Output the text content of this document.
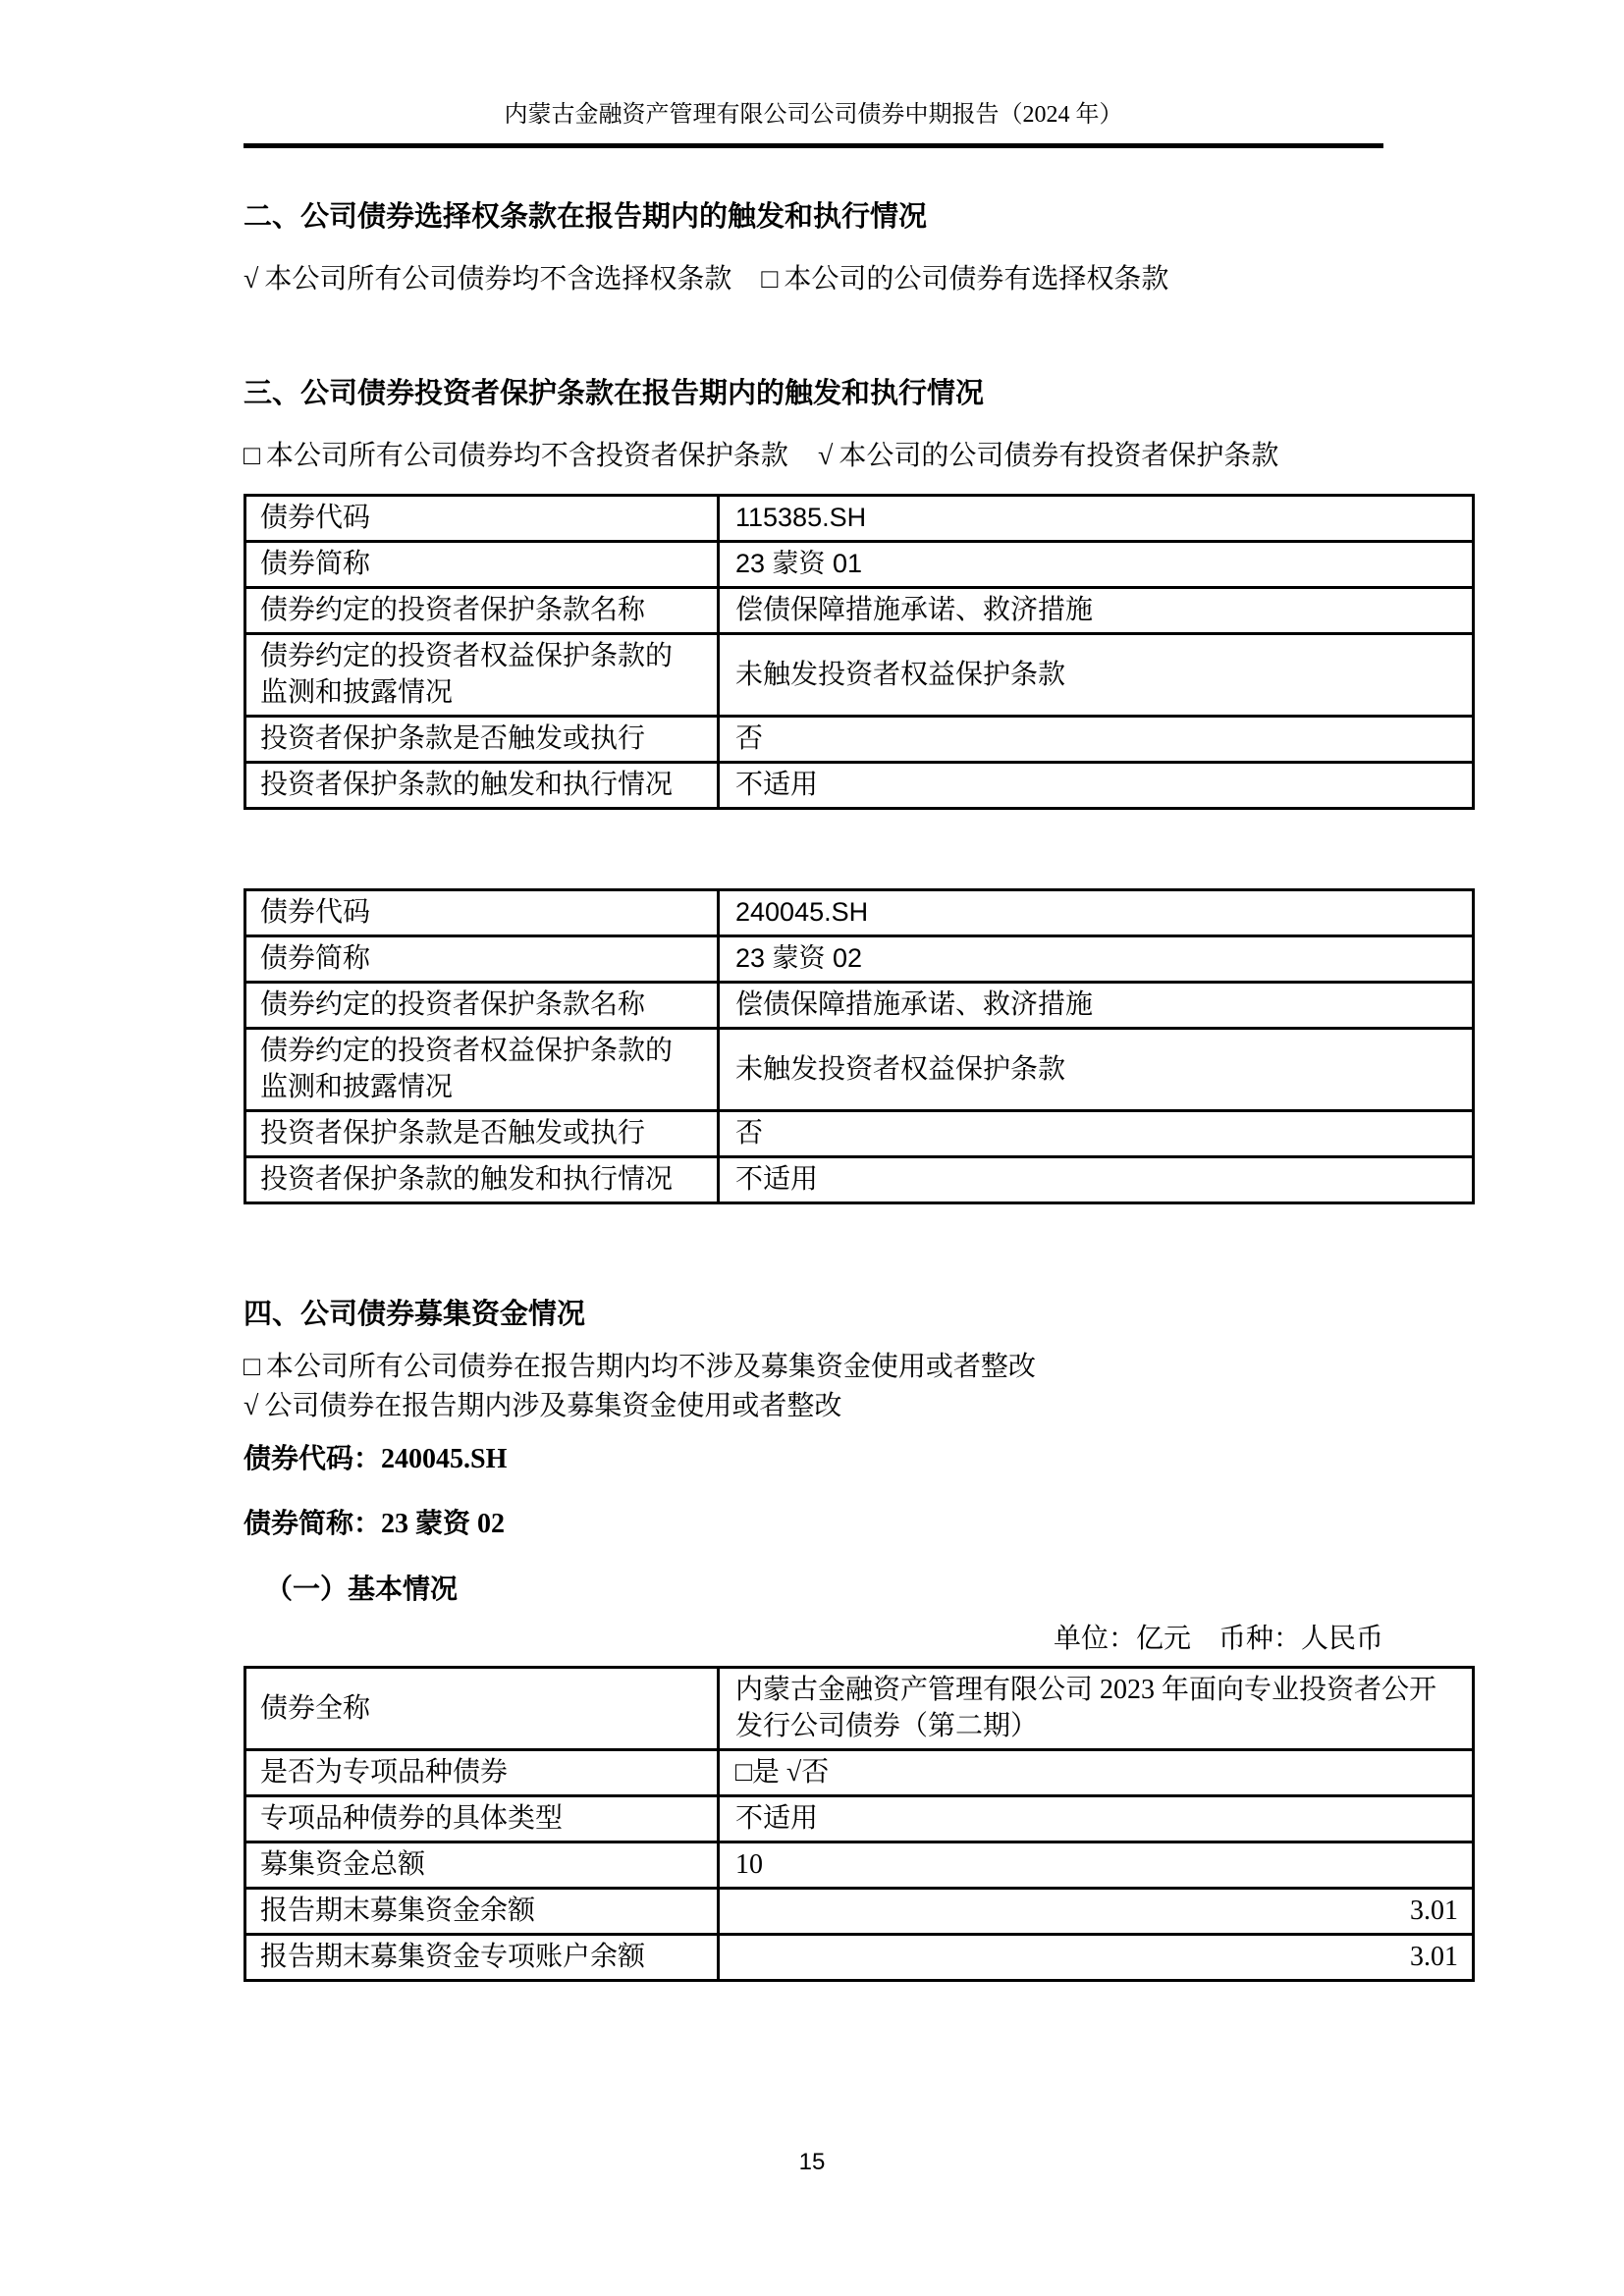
内蒙古金融资产管理有限公司公司债券中期报告（2024 年）
二、公司债券选择权条款在报告期内的触发和执行情况

√ 本公司所有公司债券均不含选择权条款 □ 本公司的公司债券有选择权条款

三、公司债券投资者保护条款在报告期内的触发和执行情况

□ 本公司所有公司债券均不含投资者保护条款 √ 本公司的公司债券有投资者保护条款

债券代码	115385.SH
债券简称	23 蒙资 01
债券约定的投资者保护条款名称	偿债保障措施承诺、救济措施
债券约定的投资者权益保护条款的监测和披露情况	未触发投资者权益保护条款
投资者保护条款是否触发或执行	否
投资者保护条款的触发和执行情况	不适用
债券代码	240045.SH
债券简称	23 蒙资 02
债券约定的投资者保护条款名称	偿债保障措施承诺、救济措施
债券约定的投资者权益保护条款的监测和披露情况	未触发投资者权益保护条款
投资者保护条款是否触发或执行	否
投资者保护条款的触发和执行情况	不适用
四、公司债券募集资金情况

□ 本公司所有公司债券在报告期内均不涉及募集资金使用或者整改
√ 公司债券在报告期内涉及募集资金使用或者整改

债券代码：240045.SH

债券简称：23 蒙资 02

（一）基本情况

单位：亿元　币种：人民币

债券全称	内蒙古金融资产管理有限公司 2023 年面向专业投资者公开发行公司债券（第二期）
是否为专项品种债券	□是 √否
专项品种债券的具体类型	不适用
募集资金总额	10
报告期末募集资金余额	3.01
报告期末募集资金专项账户余额	3.01
15
